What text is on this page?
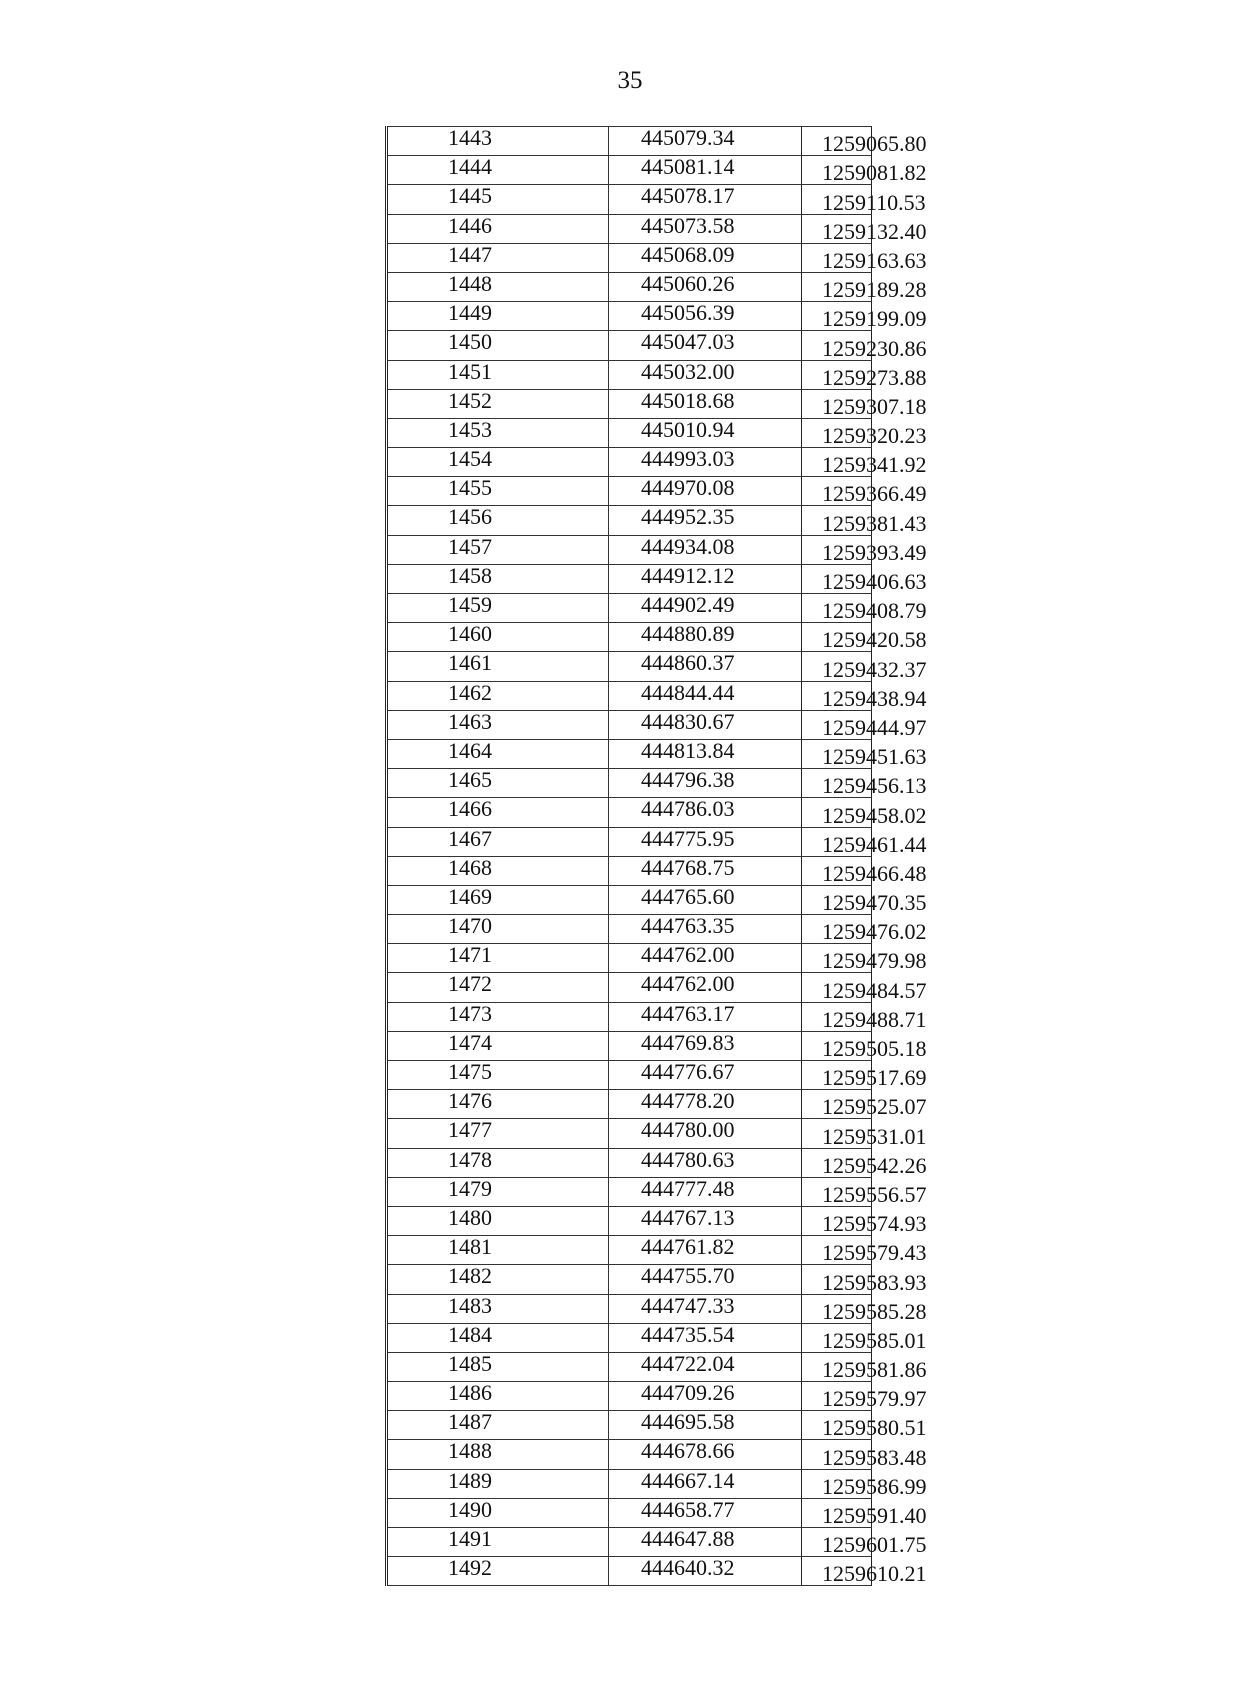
35
1443	445079.34	1259065.80
1444	445081.14	1259081.82
1445	445078.17	1259110.53
1446	445073.58	1259132.40
1447	445068.09	1259163.63
1448	445060.26	1259189.28
1449	445056.39	1259199.09
1450	445047.03	1259230.86
1451	445032.00	1259273.88
1452	445018.68	1259307.18
1453	445010.94	1259320.23
1454	444993.03	1259341.92
1455	444970.08	1259366.49
1456	444952.35	1259381.43
1457	444934.08	1259393.49
1458	444912.12	1259406.63
1459	444902.49	1259408.79
1460	444880.89	1259420.58
1461	444860.37	1259432.37
1462	444844.44	1259438.94
1463	444830.67	1259444.97
1464	444813.84	1259451.63
1465	444796.38	1259456.13
1466	444786.03	1259458.02
1467	444775.95	1259461.44
1468	444768.75	1259466.48
1469	444765.60	1259470.35
1470	444763.35	1259476.02
1471	444762.00	1259479.98
1472	444762.00	1259484.57
1473	444763.17	1259488.71
1474	444769.83	1259505.18
1475	444776.67	1259517.69
1476	444778.20	1259525.07
1477	444780.00	1259531.01
1478	444780.63	1259542.26
1479	444777.48	1259556.57
1480	444767.13	1259574.93
1481	444761.82	1259579.43
1482	444755.70	1259583.93
1483	444747.33	1259585.28
1484	444735.54	1259585.01
1485	444722.04	1259581.86
1486	444709.26	1259579.97
1487	444695.58	1259580.51
1488	444678.66	1259583.48
1489	444667.14	1259586.99
1490	444658.77	1259591.40
1491	444647.88	1259601.75
1492	444640.32	1259610.21
